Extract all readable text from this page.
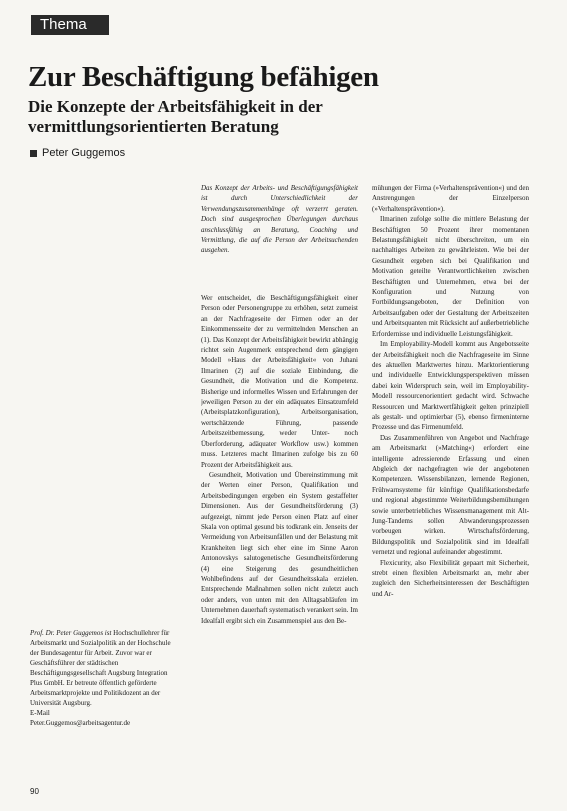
Thema
Zur Beschäftigung befähigen
Die Konzepte der Arbeitsfähigkeit in der vermittlungsorientierten Beratung
Peter Guggemos
Das Konzept der Arbeits- und Beschäftigungsfähigkeit ist durch Unterschiedlichkeit der Verwendungszusammenhänge oft verzerrt geraten. Doch sind ausgesprochen Überlegungen durchaus anschlussfähig an Beratung, Coaching und Vermittlung, die auf die Person der Arbeitsuchenden ausgehen.

Wer entscheidet, die Beschäftigungsfähigkeit einer Person oder Personengruppe zu erhöhen, setzt zumeist an der Nachfrageseite der Firmen oder an der Einkommensseite der zu vermittelnden Menschen an (1). Das Konzept der Arbeitsfähigkeit bewirkt abhängig richtet sein Augenmerk entsprechend dem gängigen Modell »Haus der Arbeitsfähigkeit« von Juhani Ilmarinen (2) auf die soziale Einbindung, die Gesundheit, die Motivation und die Kompetenz. Bisherige und informelles Wissen und Erfahrungen der jeweiligen Person zu der ein adäquates Einsatzumfeld (Arbeitsplatzkonfiguration), Arbeitsorganisation, wertschätzende Führung, passende Arbeitszeitbemessung, weder Unter- noch Überforderung, adäquater Workflow usw.) kommen muss. Letzteres macht Ilmarinen zufolge bis zu 60 Prozent der Arbeitsfähigkeit aus.

Gesundheit, Motivation und Übereinstimmung mit der Werten einer Person, Qualifikation und Arbeitsbedingungen ergeben ein System gestaffelter Dimensionen. Aus der Gesundheitsförderung (3) aufgezeigt, nimmt jede Person einen Platz auf einer Skala von optimal gesund bis todkrank ein. Jenseits der Vermeidung von Arbeitsunfällen und der Belastung mit Krankheiten liegt sich eher eine im Sinne Aaron Antonovskys salutogenetische Gesundheitsförderung (4) eine Steigerung des gesundheitlichen Wohlbefindens auf der Gesundheitsskala erzielen. Entsprechende Maßnahmen sollen nicht zuletzt auch oder anders, von unten mit den Alltagsabläufen im Unternehmen dauerhaft systematisch verankert sein. Im Idealfall ergibt sich ein Zusammenspiel aus den Be-

mühungen der Firma (»Verhaltensprävention«) und den Anstrengungen der Einzelperson (»Verhaltensprävention«).

Ilmarinen zufolge sollte die mittlere Belastung der Beschäftigten 50 Prozent ihrer momentanen Belastungsfähigkeit nicht überschreiten, um ein nachhaltiges Arbeiten zu gewährleisten. Wie bei der Gesundheit ergeben sich bei Qualifikation und Motivation geteilte Verantwortlichkeiten zwischen Beschäftigten und Unternehmen, etwa bei der Konfiguration und Nutzung von Fortbildungsangeboten, der Definition von Arbeitsaufgaben oder der Gestaltung der Arbeitszeiten und Arbeitsquanten mit Rücksicht auf außerbetriebliche Erfordernisse und individuelle Leistungsfähigkeit.

Im Employability-Modell kommt aus Angebotsseite der Arbeitsfähigkeit noch die Nachfrageseite im Sinne des aktuellen Marktwertes hinzu. Marktorientierung und individuelle Entwicklungsperspektiven müssen dabei kein Widerspruch sein, weil im Employability-Modell ressourcenorientiert gedacht wird. Schwache Ressourcen und Marktwertfähigkeit gelten prinzipiell als gestalt- und optimierbar (5), ebenso firmeninterne Prozesse und das Firmenumfeld.

Das Zusammenführen von Angebot und Nachfrage am Arbeitsmarkt (»Matching«) erfordert eine intelligente adressierende Erfassung und einen Abgleich der nachgefragten wie der angebotenen Kompetenzen. Wissensbilanzen, lernende Regionen, Frühwarnsysteme für künftige Qualifikationsbedarfe und regional abgestimmte Weiterbildungsbemühungen sowie unterbetriebliches Wissensmanagement mit Alt-Jung-Tandems sollen Abwanderungsprozessen vorbeugen wirken. Wirtschaftsförderung, Bildungspolitik und Sozialpolitik sind im Idealfall vernetzt und regional aufeinander abgestimmt.

Flexicurity, also Flexibilität gepaart mit Sicherheit, strebt einen flexiblen Arbeitsmarkt an, mehr aber zugleich den Sicherheitsinteressen der Beschäftigten und Ar-

Prof. Dr. Peter Guggemos ist Hochschullehrer für Arbeitsmarkt und Sozialpolitik an der Hochschule der Bundesagentur für Arbeit. Zuvor war er Geschäftsführer der städtischen Beschäftigungsgesellschaft Augsburg Integration Plus GmbH. Er betreute öffentlich geförderte Arbeitsmarktprojekte und Politikdozent an der Universität Augsburg.
E-Mail
Peter.Guggemos@arbeitsagentur.de
90
